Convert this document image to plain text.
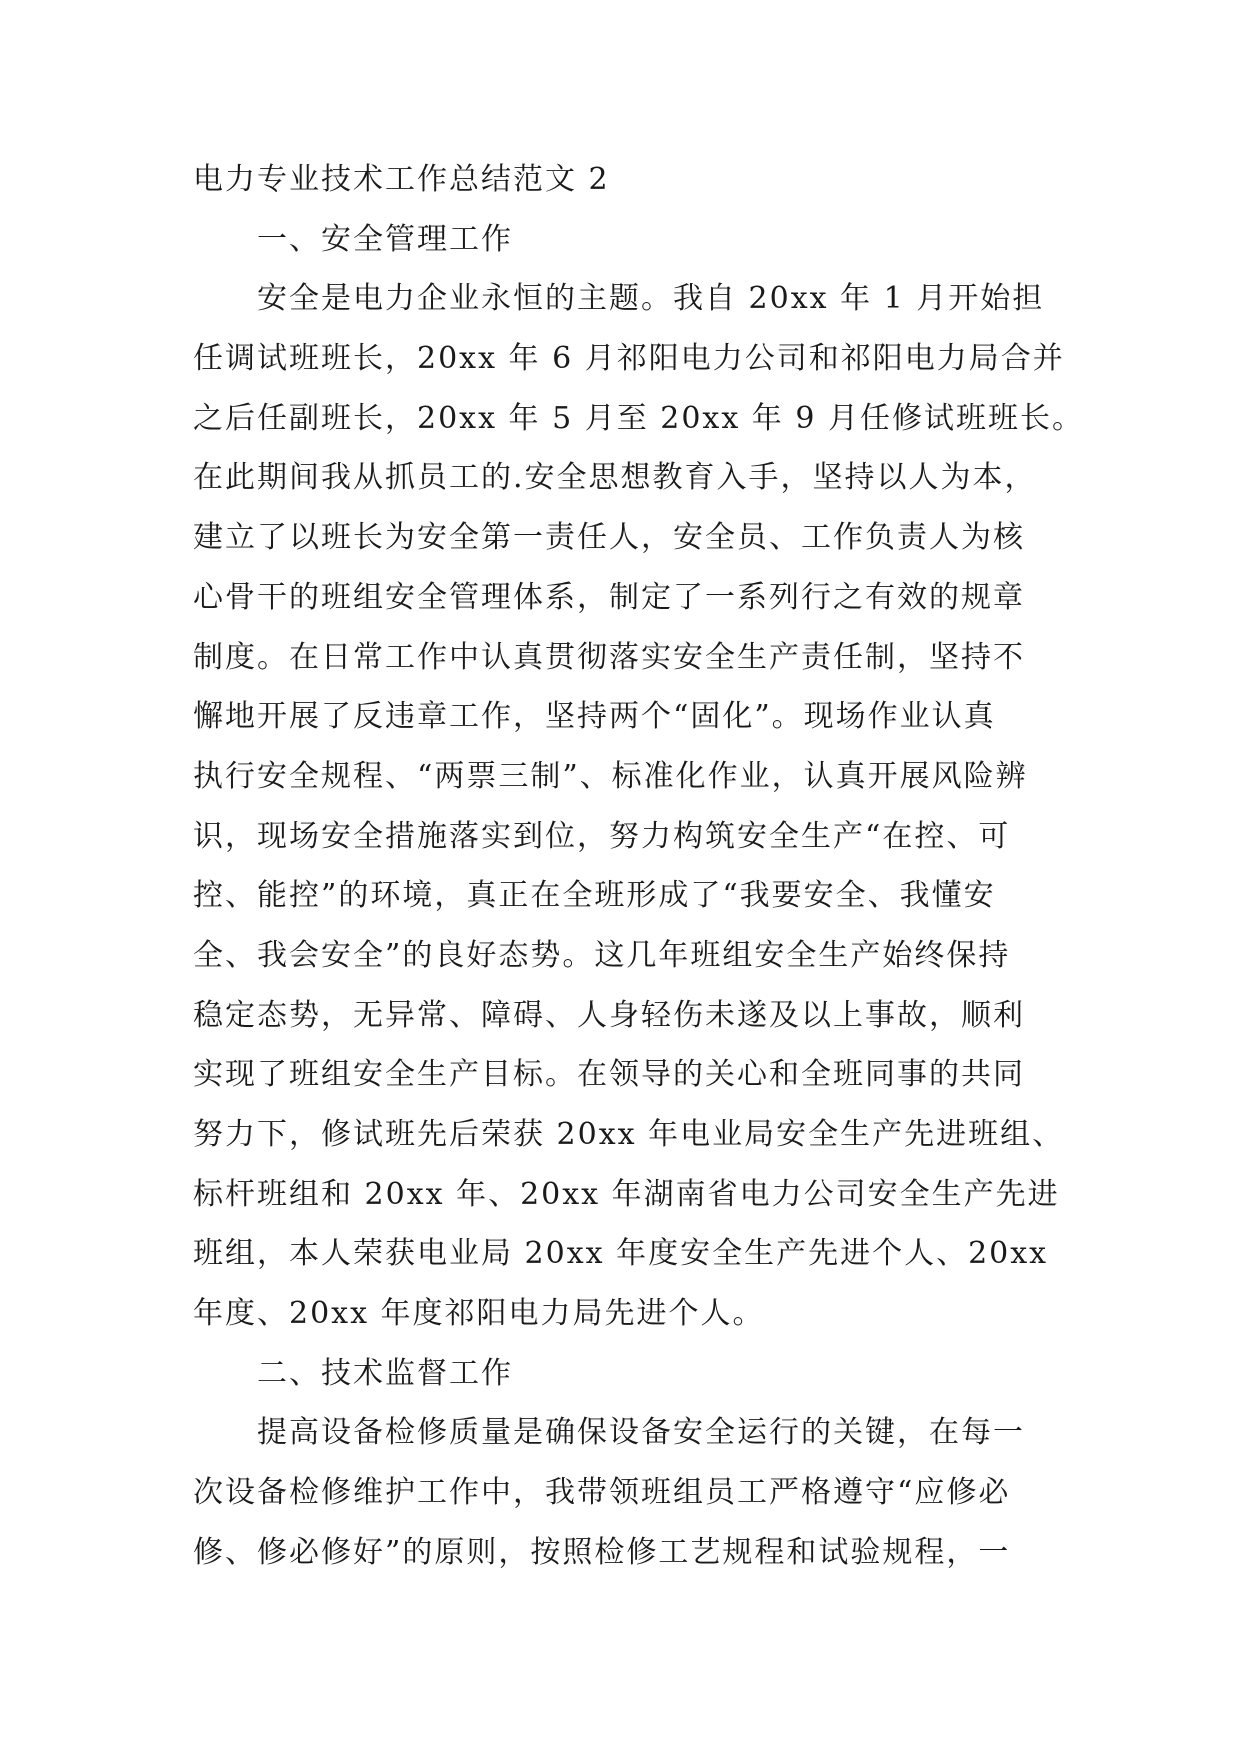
电力专业技术工作总结范文 2
一、安全管理工作
安全是电力企业永恒的主题。我自 20xx 年 1 月开始担
任调试班班长，20xx 年 6 月祁阳电力公司和祁阳电力局合并
之后任副班长，20xx 年 5 月至 20xx 年 9 月任修试班班长。
在此期间我从抓员工的.安全思想教育入手，坚持以人为本，
建立了以班长为安全第一责任人，安全员、工作负责人为核
心骨干的班组安全管理体系，制定了一系列行之有效的规章
制度。在日常工作中认真贯彻落实安全生产责任制，坚持不
懈地开展了反违章工作，坚持两个“固化”。现场作业认真
执行安全规程、“两票三制”、标准化作业，认真开展风险辨
识，现场安全措施落实到位，努力构筑安全生产“在控、可
控、能控”的环境，真正在全班形成了“我要安全、我懂安
全、我会安全”的良好态势。这几年班组安全生产始终保持
稳定态势，无异常、障碍、人身轻伤未遂及以上事故，顺利
实现了班组安全生产目标。在领导的关心和全班同事的共同
努力下，修试班先后荣获 20xx 年电业局安全生产先进班组、
标杆班组和 20xx 年、20xx 年湖南省电力公司安全生产先进
班组，本人荣获电业局 20xx 年度安全生产先进个人、20xx
年度、20xx 年度祁阳电力局先进个人。
二、技术监督工作
提高设备检修质量是确保设备安全运行的关键，在每一
次设备检修维护工作中，我带领班组员工严格遵守“应修必
修、修必修好”的原则，按照检修工艺规程和试验规程，一
